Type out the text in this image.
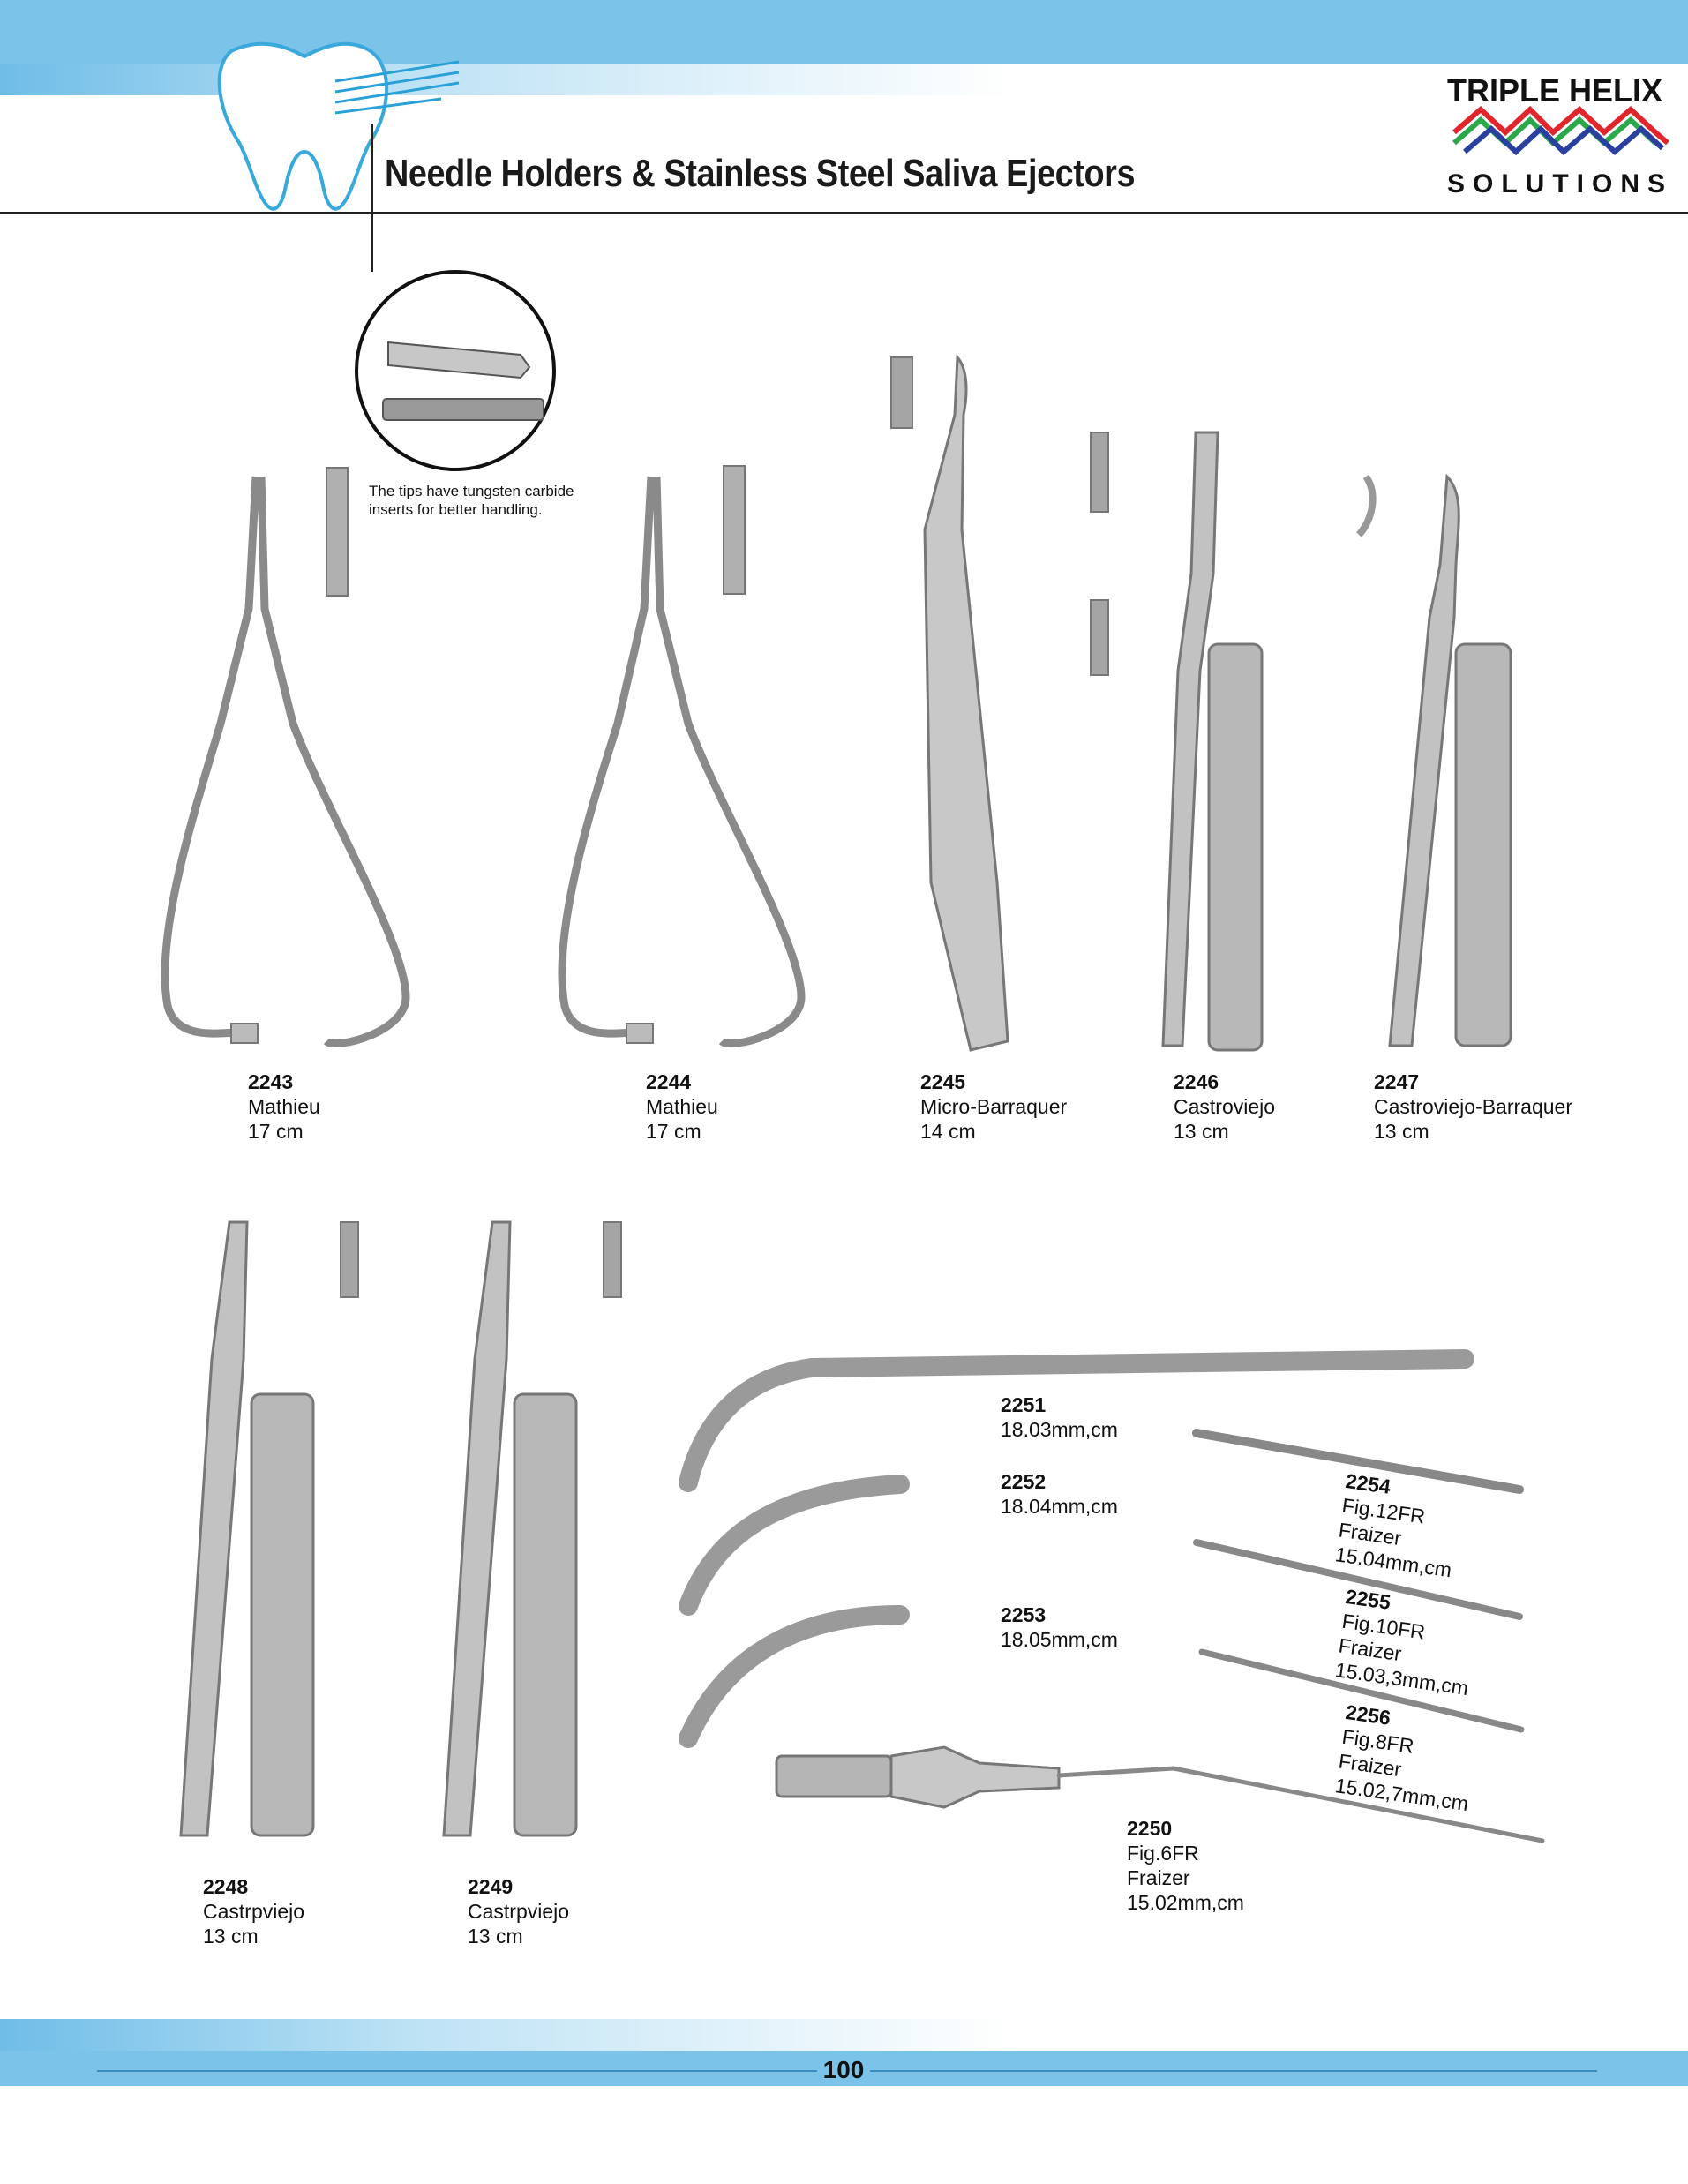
Needle Holders & Stainless Steel Saliva Ejectors
TRIPLE HELIX
SOLUTIONS
The tips have tungsten carbide
inserts for better handling.
2243
Mathieu
17 cm
2244
Mathieu
17 cm
2245
Micro-Barraquer
14 cm
2246
Castroviejo
13 cm
2247
Castroviejo-Barraquer
13 cm
2248
Castrpviejo
13 cm
2249
Castrpviejo
13 cm
2251
18.03mm,cm
2252
18.04mm,cm
2253
18.05mm,cm
2254
Fig.12FR
Fraizer
15.04mm,cm
2255
Fig.10FR
Fraizer
15.03,3mm,cm
2256
Fig.8FR
Fraizer
15.02,7mm,cm
2250
Fig.6FR
Fraizer
15.02mm,cm
100
